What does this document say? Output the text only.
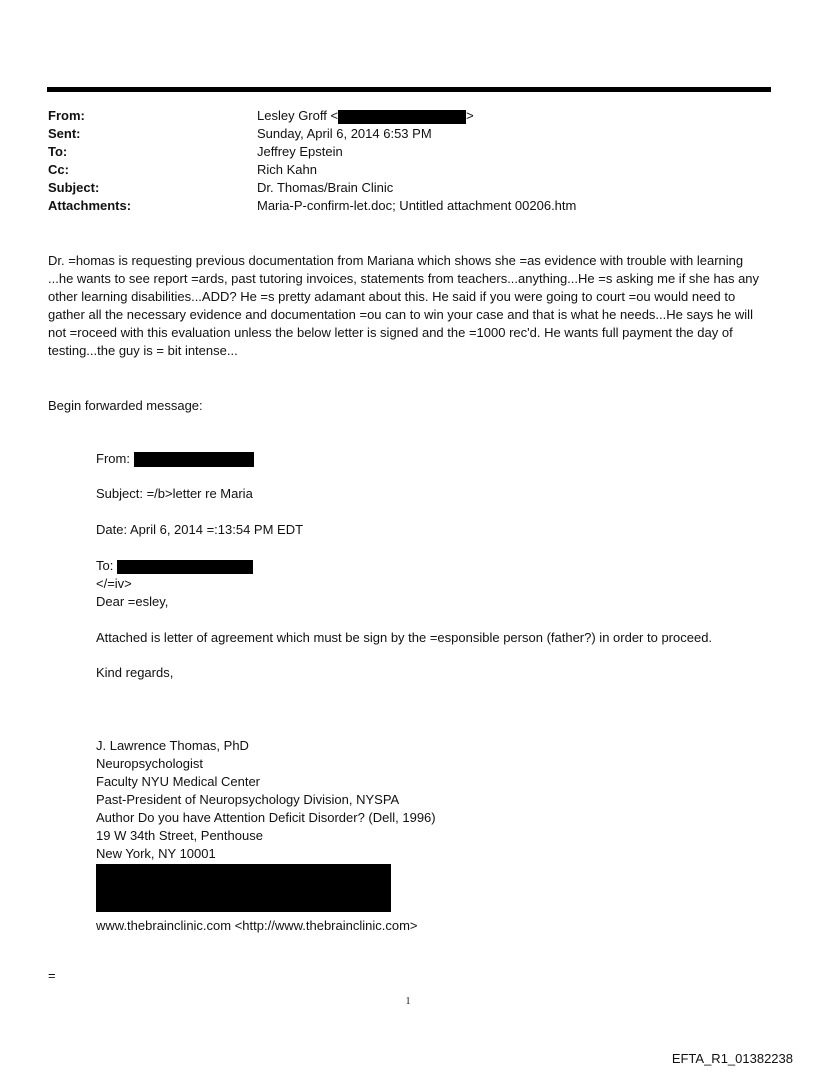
From:	Lesley Groff <	>
Sent:	Sunday, April 6, 2014 6:53 PM
To:	Jeffrey Epstein
Cc:	Rich Kahn
Subject:	Dr. Thomas/Brain Clinic
Attachments:	Maria-P-confirm-let.doc; Untitled attachment 00206.htm

Dr. =homas is requesting previous documentation from Mariana which shows she =as evidence with trouble with learning ...he wants to see report =ards, past tutoring invoices, statements from teachers...anything...He =s asking me if she has any other learning disabilities...ADD? He =s pretty adamant about this. He said if you were going to court =ou would need to gather all the necessary evidence and documentation =ou can to win your case and that is what he needs...He says he will not =roceed with this evaluation unless the below letter is signed and the =1000 rec'd. He wants full payment the day of testing...the guy is = bit intense...

Begin forwarded message:
From:
Subject: =/b>letter re Maria
Date: April 6, 2014 =:13:54 PM EDT
To:
</=iv>
Dear =esley,
Attached is letter of agreement which must be sign by the =esponsible person (father?) in order to proceed.
Kind regards,
J. Lawrence Thomas, PhD
Neuropsychologist
Faculty NYU Medical Center
Past-President of Neuropsychology Division, NYSPA
Author Do you have Attention Deficit Disorder? (Dell, 1996)
19 W 34th Street, Penthouse
New York, NY 10001
www.thebrainclinic.com <http://www.thebrainclinic.com>
=
1
EFTA_R1_01382238
